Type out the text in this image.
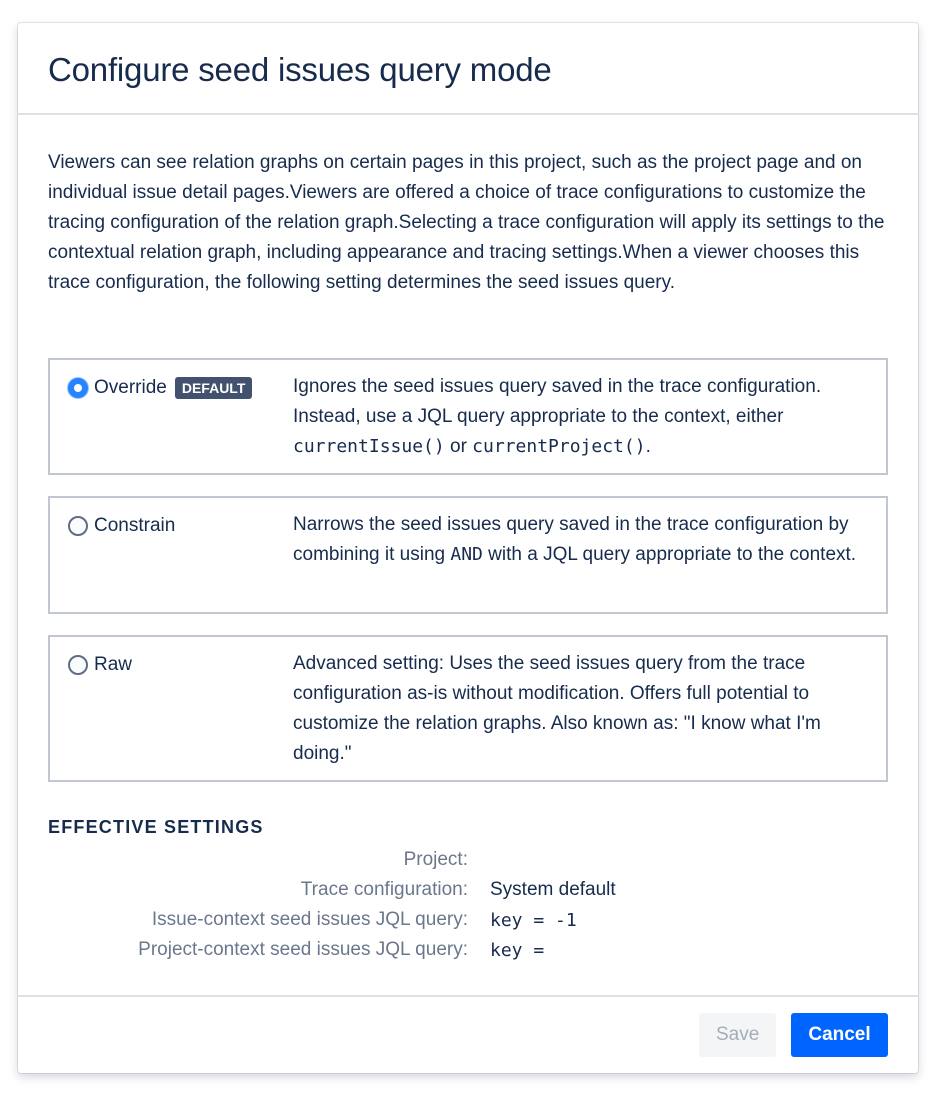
Configure seed issues query mode

Viewers can see relation graphs on certain pages in this project, such as the project page and on individual issue detail pages.Viewers are offered a choice of trace configurations to customize the tracing configuration of the relation graph.Selecting a trace configuration will apply its settings to the contextual relation graph, including appearance and tracing settings.When a viewer chooses this trace configuration, the following setting determines the seed issues query.

Override	DEFAULT	Ignores the seed issues query saved in the trace configuration. Instead, use a JQL query appropriate to the context, either currentIssue() or currentProject().
Constrain	Narrows the seed issues query saved in the trace configuration by combining it using AND with a JQL query appropriate to the context.
Raw	Advanced setting: Uses the seed issues query from the trace configuration as-is without modification. Offers full potential to customize the relation graphs. Also known as: "I know what I'm doing."
EFFECTIVE SETTINGS
Project:
Trace configuration: System default
Issue-context seed issues JQL query: key = -1
Project-context seed issues JQL query: key =
Save	Cancel
